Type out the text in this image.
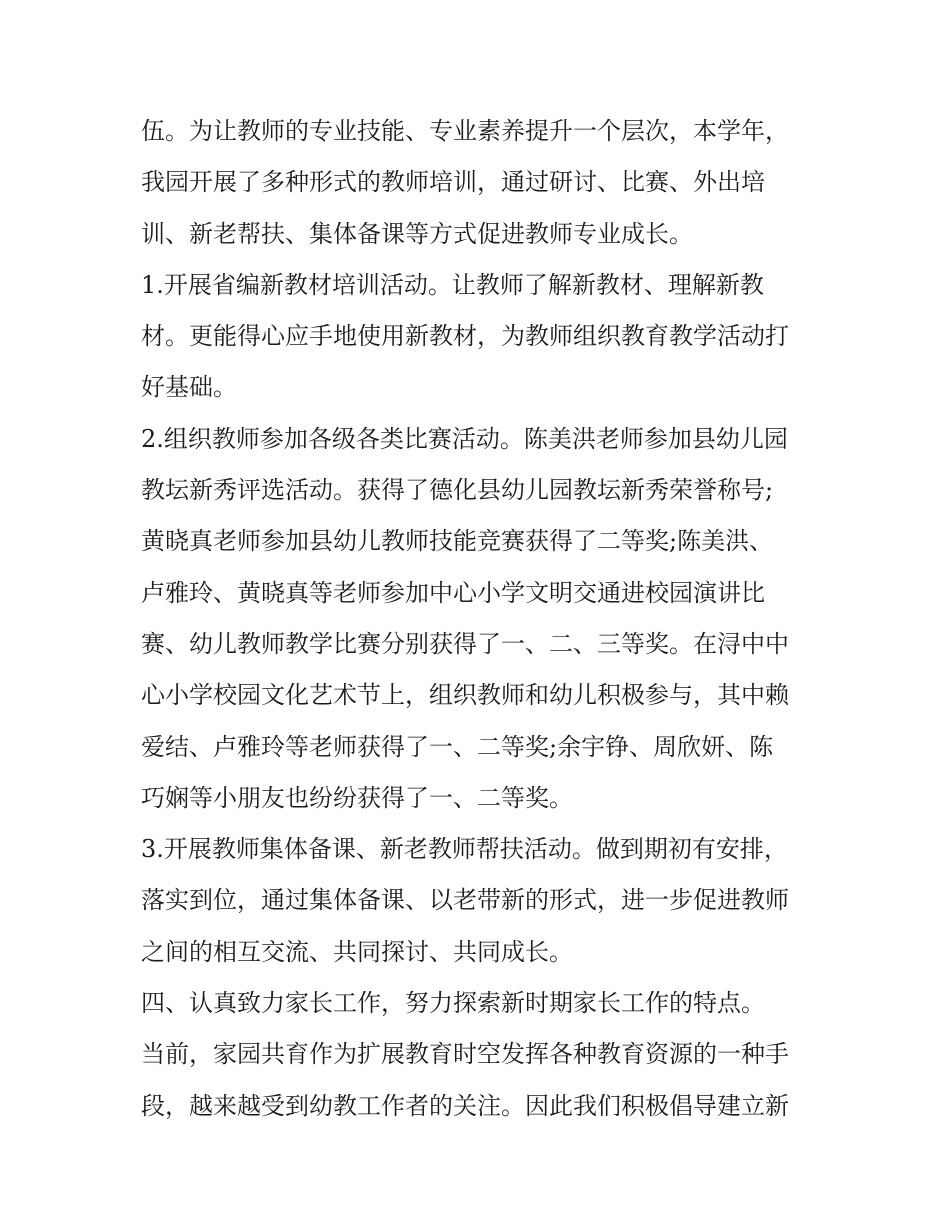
伍。为让教师的专业技能、专业素养提升一个层次，本学年，
我园开展了多种形式的教师培训，通过研讨、比赛、外出培
训、新老帮扶、集体备课等方式促进教师专业成长。
1.开展省编新教材培训活动。让教师了解新教材、理解新教
材。更能得心应手地使用新教材，为教师组织教育教学活动打
好基础。
2.组织教师参加各级各类比赛活动。陈美洪老师参加县幼儿园
教坛新秀评选活动。获得了德化县幼儿园教坛新秀荣誉称号;
黄晓真老师参加县幼儿教师技能竞赛获得了二等奖;陈美洪、
卢雅玲、黄晓真等老师参加中心小学文明交通进校园演讲比
赛、幼儿教师教学比赛分别获得了一、二、三等奖。在浔中中
心小学校园文化艺术节上，组织教师和幼儿积极参与，其中赖
爱结、卢雅玲等老师获得了一、二等奖;余宇铮、周欣妍、陈
巧娴等小朋友也纷纷获得了一、二等奖。
3.开展教师集体备课、新老教师帮扶活动。做到期初有安排，
落实到位，通过集体备课、以老带新的形式，进一步促进教师
之间的相互交流、共同探讨、共同成长。
四、认真致力家长工作，努力探索新时期家长工作的特点。
当前，家园共育作为扩展教育时空发挥各种教育资源的一种手
段，越来越受到幼教工作者的关注。因此我们积极倡导建立新
